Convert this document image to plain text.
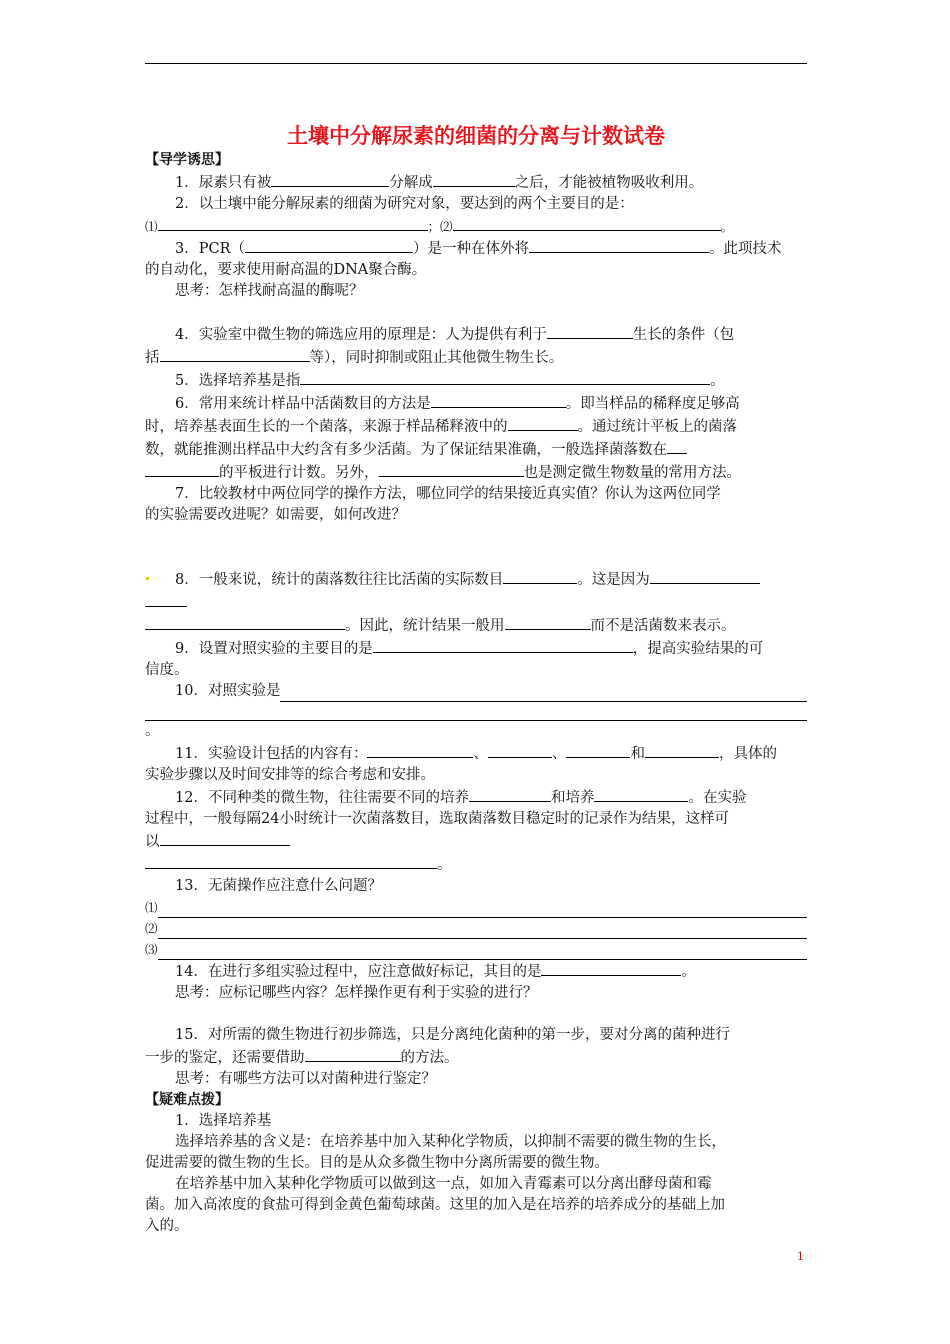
土壤中分解尿素的细菌的分离与计数试卷
【导学诱思】
1．尿素只有被	分解成	之后，才能被植物吸收利用。
2．以土壤中能分解尿素的细菌为研究对象，要达到的两个主要目的是：
⑴	；⑵	。
3．PCR（	）是一种在体外将	。此项技术
的自动化，要求使用耐高温的DNA聚合酶。
思考：怎样找耐高温的酶呢？
4．实验室中微生物的筛选应用的原理是：人为提供有利于	生长的条件（包
括	等），同时抑制或阻止其他微生物生长。
5．选择培养基是指	。
6．常用来统计样品中活菌数目的方法是	。即当样品的稀释度足够高
时，培养基表面生长的一个菌落，来源于样品稀释液中的	。通过统计平板上的菌落
数，就能推测出样品中大约含有多少活菌。为了保证结果准确，一般选择菌落数在
的平板进行计数。另外，	也是测定微生物数量的常用方法。
7．比较教材中两位同学的操作方法，哪位同学的结果接近真实值？你认为这两位同学
的实验需要改进呢？如需要，如何改进？
8．一般来说，统计的菌落数往往比活菌的实际数目	。这是因为
。因此，统计结果一般用	而不是活菌数来表示。
9．设置对照实验的主要目的是	，提高实验结果的可
信度。
10．对照实验是
。
11．实验设计包括的内容有：	、	、	和	，具体的
实验步骤以及时间安排等的综合考虑和安排。
12．不同种类的微生物，往往需要不同的培养	和培养	。在实验
过程中，一般每隔24小时统计一次菌落数目，选取菌落数目稳定时的记录作为结果，这样可
以
。
13．无菌操作应注意什么问题？
⑴
⑵
⑶
14．在进行多组实验过程中，应注意做好标记，其目的是	。
思考：应标记哪些内容？怎样操作更有利于实验的进行？
15．对所需的微生物进行初步筛选，只是分离纯化菌种的第一步，要对分离的菌种进行
一步的鉴定，还需要借助	的方法。
思考：有哪些方法可以对菌种进行鉴定？
【疑难点拨】
1．选择培养基
选择培养基的含义是：在培养基中加入某种化学物质，以抑制不需要的微生物的生长，
促进需要的微生物的生长。目的是从众多微生物中分离所需要的微生物。
在培养基中加入某种化学物质可以做到这一点，如加入青霉素可以分离出酵母菌和霉
菌。加入高浓度的食盐可得到金黄色葡萄球菌。这里的加入是在培养的培养成分的基础上加
入的。
1
